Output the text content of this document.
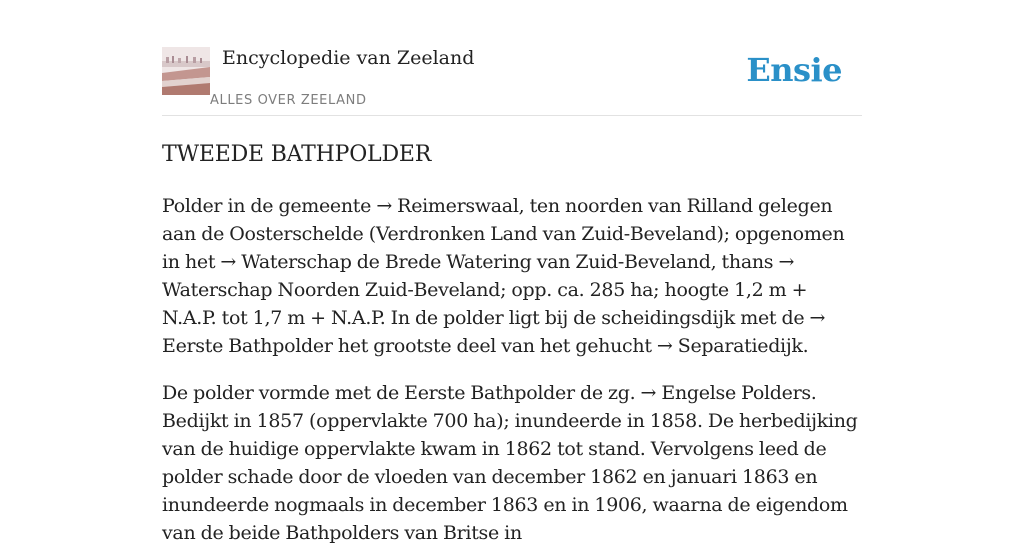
Encyclopedie van Zeeland
ALLES OVER ZEELAND
Ensie
TWEEDE BATHPOLDER

Polder in de gemeente → Reimerswaal, ten noorden van Rilland gelegen aan de Oosterschelde (Verdronken Land van Zuid-Beveland); opgenomen in het → Waterschap de Brede Watering van Zuid-Beveland, thans → Waterschap Noorden Zuid-Beveland; opp. ca. 285 ha; hoogte 1,2 m + N.A.P. tot 1,7 m + N.A.P. In de polder ligt bij de scheidingsdijk met de → Eerste Bathpolder het grootste deel van het gehucht → Separatiedijk.

De polder vormde met de Eerste Bathpolder de zg. → Engelse Polders. Bedijkt in 1857 (oppervlakte 700 ha); inundeerde in 1858. De herbedijking van de huidige oppervlakte kwam in 1862 tot stand. Vervolgens leed de polder schade door de vloeden van december 1862 en januari 1863 en inundeerde nogmaals in december 1863 en in 1906, waarna de eigendom van de beide Bathpolders van Britse in
